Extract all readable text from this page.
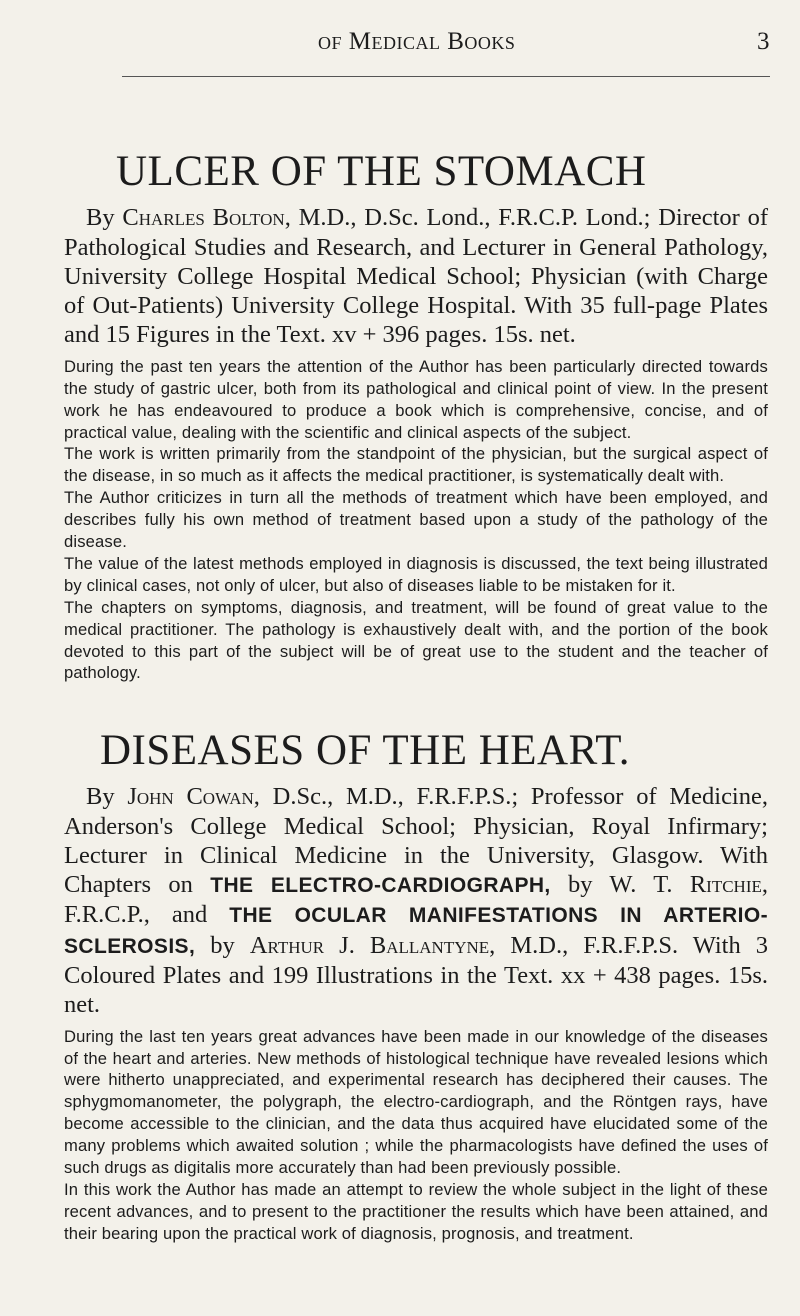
of Medical Books	3
ULCER OF THE STOMACH

By Charles Bolton, M.D., D.Sc. Lond., F.R.C.P. Lond.; Director of Pathological Studies and Research, and Lecturer in General Pathology, University College Hospital Medical School; Physician (with Charge of Out-Patients) University College Hospital. With 35 full-page Plates and 15 Figures in the Text. xv + 396 pages. 15s. net.

During the past ten years the attention of the Author has been particularly directed towards the study of gastric ulcer, both from its pathological and clinical point of view. In the present work he has endeavoured to produce a book which is comprehensive, concise, and of practical value, dealing with the scientific and clinical aspects of the subject.

The work is written primarily from the standpoint of the physician, but the surgical aspect of the disease, in so much as it affects the medical practitioner, is systematically dealt with.

The Author criticizes in turn all the methods of treatment which have been employed, and describes fully his own method of treatment based upon a study of the pathology of the disease.

The value of the latest methods employed in diagnosis is discussed, the text being illustrated by clinical cases, not only of ulcer, but also of diseases liable to be mistaken for it.

The chapters on symptoms, diagnosis, and treatment, will be found of great value to the medical practitioner. The pathology is exhaustively dealt with, and the portion of the book devoted to this part of the subject will be of great use to the student and the teacher of pathology.

DISEASES OF THE HEART.

By John Cowan, D.Sc., M.D., F.R.F.P.S.; Professor of Medicine, Anderson's College Medical School; Physician, Royal Infirmary; Lecturer in Clinical Medicine in the University, Glasgow. With Chapters on THE ELECTRO-CARDIOGRAPH, by W. T. Ritchie, F.R.C.P., and THE OCULAR MANIFESTATIONS IN ARTERIO-SCLEROSIS, by Arthur J. Ballantyne, M.D., F.R.F.P.S. With 3 Coloured Plates and 199 Illustrations in the Text. xx + 438 pages. 15s. net.

During the last ten years great advances have been made in our knowledge of the diseases of the heart and arteries. New methods of histological technique have revealed lesions which were hitherto unappreciated, and experimental research has deciphered their causes. The sphygmomanometer, the polygraph, the electro-cardiograph, and the Röntgen rays, have become accessible to the clinician, and the data thus acquired have elucidated some of the many problems which awaited solution ; while the pharmacologists have defined the uses of such drugs as digitalis more accurately than had been previously possible.

In this work the Author has made an attempt to review the whole subject in the light of these recent advances, and to present to the practitioner the results which have been attained, and their bearing upon the practical work of diagnosis, prognosis, and treatment.
